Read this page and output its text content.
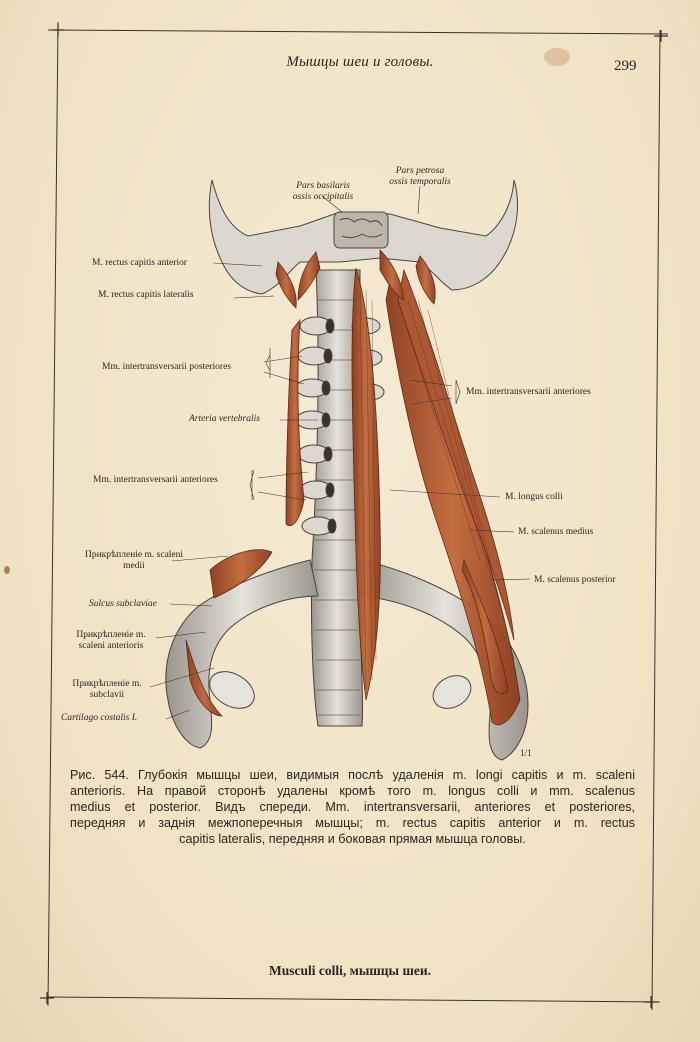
Мышцы шеи и головы.	299
Pars basilaris
ossis occipitalis
Pars petrosa
ossis temporalis
M. rectus capitis anterior
M. rectus capitis lateralis
Mm. intertransversarii posteriores
Arteria vertebralis
Mm. intertransversarii anteriores
Прикрѣпленіе m. scaleni
medii
Sulcus subclaviae
Прикрѣпленіе m.
scaleni anterioris
Прикрѣпленіе m.
subclavii
Cartilago costalis I.
Mm. intertransversarii anteriores
M. longus colli
M. scalenus medius
M. scalenus posterior
1/1
Рис. 544. Глубокія мышцы шеи, видимыя послѣ удаленія m. longi capitis и m. scaleni
anterioris. На правой сторонѣ удалены кромѣ того m. longus colli и mm. scalenus
medius et posterior. Видъ спереди. Mm. intertransversarii, anteriores et posteriores,
передняя и заднія межпоперечныя мышцы; m. rectus capitis anterior и m. rectus
capitis lateralis, передняя и боковая прямая мышца головы.
Musculi colli, мышцы шеи.
